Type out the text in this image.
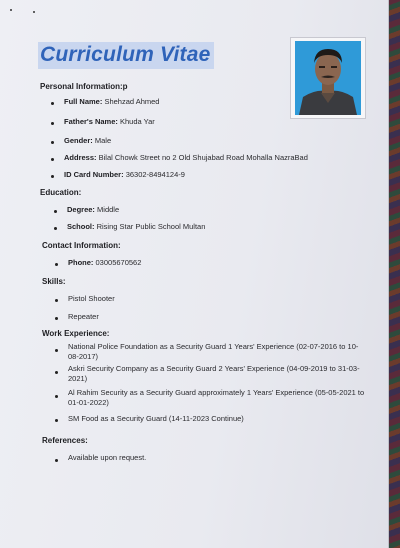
Curriculum Vitae
Personal Information:p
Full Name: Shehzad Ahmed
Father's Name: Khuda Yar
Gender: Male
Address: Bilal Chowk Street no 2 Old Shujabad Road Mohalla NazraBad
ID Card Number: 36302-8494124-9
Education:
Degree: Middle
School: Rising Star Public School Multan
Contact Information:
Phone: 03005670562
Skills:
Pistol Shooter
Repeater
Work Experience:
National Police Foundation as a Security Guard 1 Years' Experience (02-07-2016 to 10-
08-2017)
Askri Security Company as a Security Guard 2 Years' Experience (04-09-2019 to 31-03-
2021)
Al Rahim Security as a Security Guard approximately 1 Years' Experience (05-05-2021 to
01-01-2022)
SM Food as a Security Guard (14-11-2023 Continue)
References:
Available upon request.
